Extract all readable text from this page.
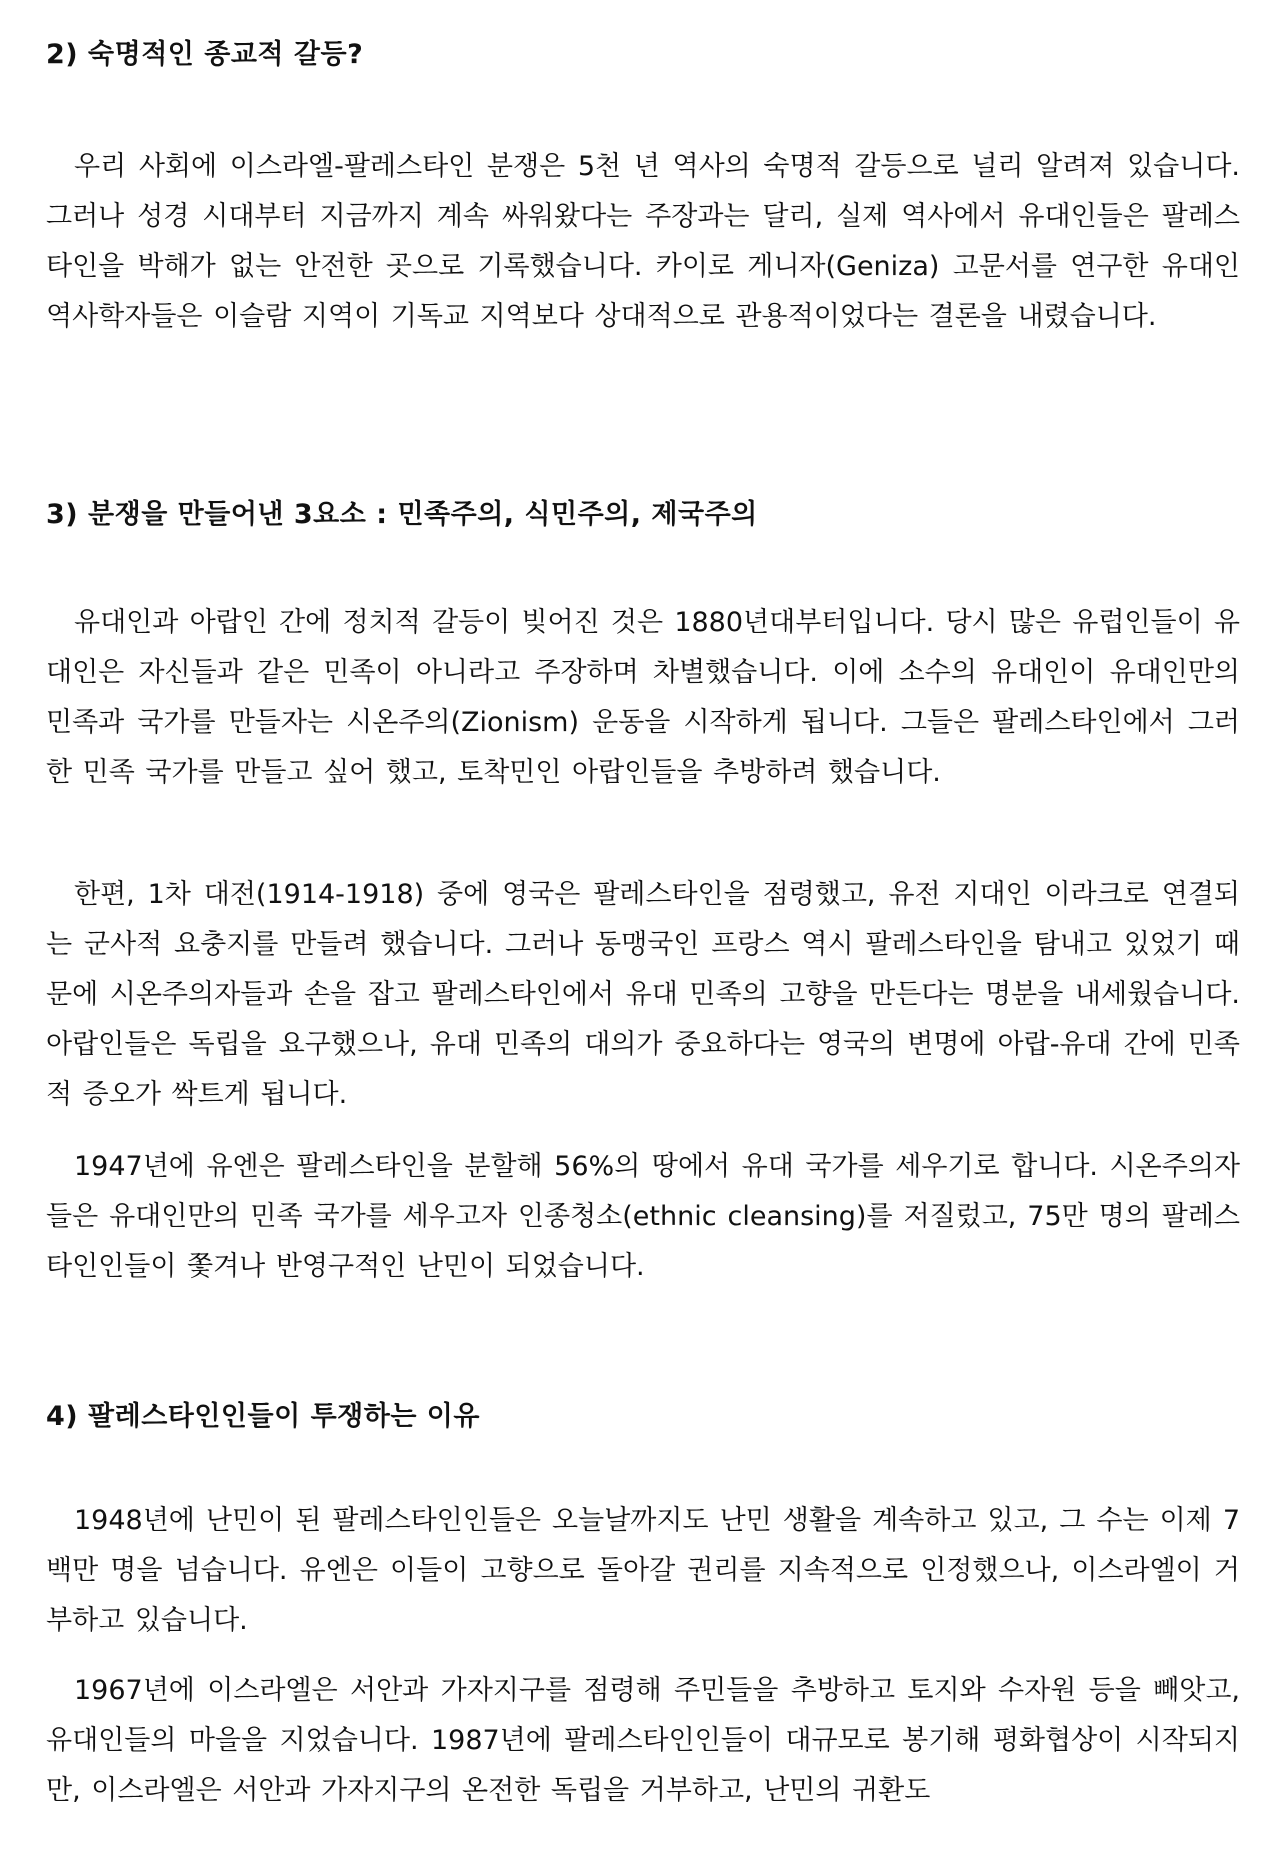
2) 숙명적인 종교적 갈등?

우리 사회에 이스라엘-팔레스타인 분쟁은 5천 년 역사의 숙명적 갈등으로 널리 알려져 있습니다. 그러나 성경 시대부터 지금까지 계속 싸워왔다는 주장과는 달리, 실제 역사에서 유대인들은 팔레스타인을 박해가 없는 안전한 곳으로 기록했습니다. 카이로 게니자(Geniza) 고문서를 연구한 유대인 역사학자들은 이슬람 지역이 기독교 지역보다 상대적으로 관용적이었다는 결론을 내렸습니다.

3) 분쟁을 만들어낸 3요소 : 민족주의, 식민주의, 제국주의

유대인과 아랍인 간에 정치적 갈등이 빚어진 것은 1880년대부터입니다. 당시 많은 유럽인들이 유대인은 자신들과 같은 민족이 아니라고 주장하며 차별했습니다. 이에 소수의 유대인이 유대인만의 민족과 국가를 만들자는 시온주의(Zionism) 운동을 시작하게 됩니다. 그들은 팔레스타인에서 그러한 민족 국가를 만들고 싶어 했고, 토착민인 아랍인들을 추방하려 했습니다.

한편, 1차 대전(1914-1918) 중에 영국은 팔레스타인을 점령했고, 유전 지대인 이라크로 연결되는 군사적 요충지를 만들려 했습니다. 그러나 동맹국인 프랑스 역시 팔레스타인을 탐내고 있었기 때문에 시온주의자들과 손을 잡고 팔레스타인에서 유대 민족의 고향을 만든다는 명분을 내세웠습니다. 아랍인들은 독립을 요구했으나, 유대 민족의 대의가 중요하다는 영국의 변명에 아랍-유대 간에 민족적 증오가 싹트게 됩니다.

1947년에 유엔은 팔레스타인을 분할해 56%의 땅에서 유대 국가를 세우기로 합니다. 시온주의자들은 유대인만의 민족 국가를 세우고자 인종청소(ethnic cleansing)를 저질렀고, 75만 명의 팔레스타인인들이 쫓겨나 반영구적인 난민이 되었습니다.

4) 팔레스타인인들이 투쟁하는 이유

1948년에 난민이 된 팔레스타인인들은 오늘날까지도 난민 생활을 계속하고 있고, 그 수는 이제 7백만 명을 넘습니다. 유엔은 이들이 고향으로 돌아갈 권리를 지속적으로 인정했으나, 이스라엘이 거부하고 있습니다.

1967년에 이스라엘은 서안과 가자지구를 점령해 주민들을 추방하고 토지와 수자원 등을 빼앗고, 유대인들의 마을을 지었습니다. 1987년에 팔레스타인인들이 대규모로 봉기해 평화협상이 시작되지만, 이스라엘은 서안과 가자지구의 온전한 독립을 거부하고, 난민의 귀환도
